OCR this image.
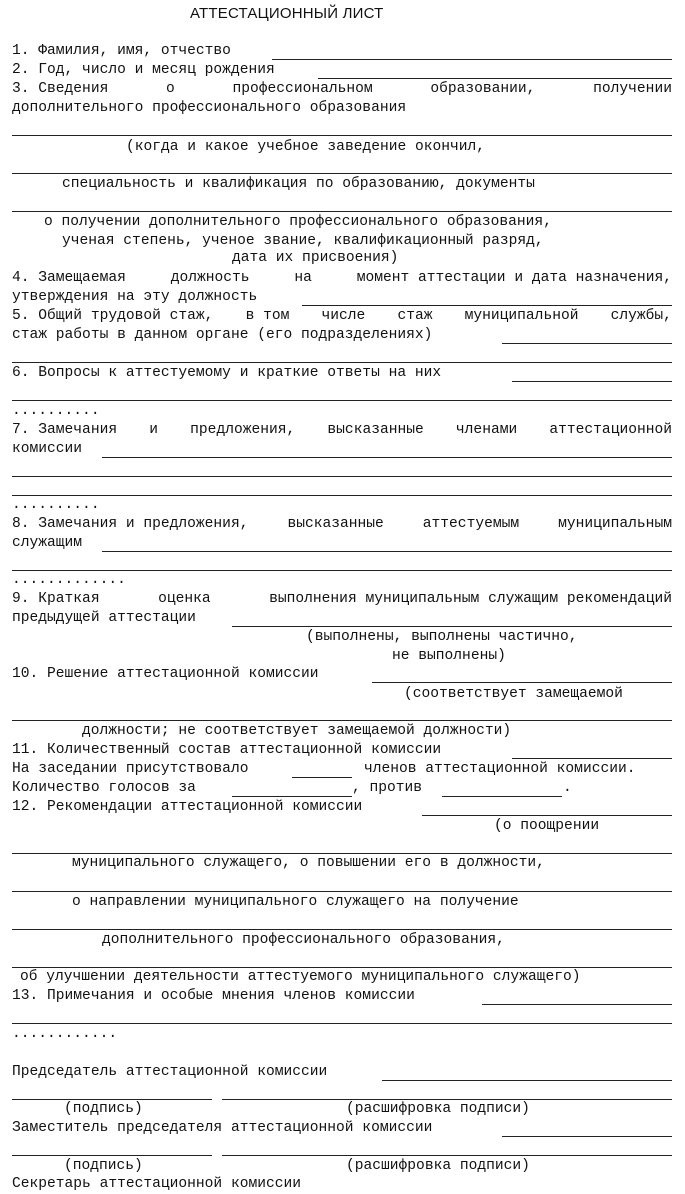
АТТЕСТАЦИОННЫЙ ЛИСТ
1. Фамилия, имя, отчество
2. Год, число и месяц рождения
3. Сведения	о	профессиональном	образовании,	получении
дополнительного профессионального образования
(когда и какое учебное заведение окончил,
специальность и квалификация по образованию, документы
о получении дополнительного профессионального образования,
ученая степень, ученое звание, квалификационный разряд,
дата их присвоения)
4. Замещаемая	должность	на	момент аттестации и дата назначения,
утверждения на эту должность
5. Общий трудовой стаж, в том числе стаж муниципальной службы,
стаж работы в данном органе (его подразделениях)
6. Вопросы к аттестуемому и краткие ответы на них
..........
7. Замечания и предложения, высказанные членами аттестационной
комиссии
..........
8. Замечания и предложения,	высказанные	аттестуемым	муниципальным
служащим
.............
9. Краткая	оценка	выполнения муниципальным служащим рекомендаций
предыдущей аттестации
(выполнены, выполнены частично,
не выполнены)
10. Решение аттестационной комиссии
(соответствует замещаемой
должности; не соответствует замещаемой должности)
11. Количественный состав аттестационной комиссии
На заседании присутствовало	членов аттестационной комиссии.
Количество голосов за	, против	.
12. Рекомендации аттестационной комиссии
(о поощрении
муниципального служащего, о повышении его в должности,
о направлении муниципального служащего на получение
дополнительного профессионального образования,
об улучшении деятельности аттестуемого муниципального служащего)
13. Примечания и особые мнения членов комиссии
............
Председатель аттестационной комиссии
(подпись)	(расшифровка подписи)
Заместитель председателя аттестационной комиссии
(подпись)	(расшифровка подписи)
Секретарь аттестационной комиссии
